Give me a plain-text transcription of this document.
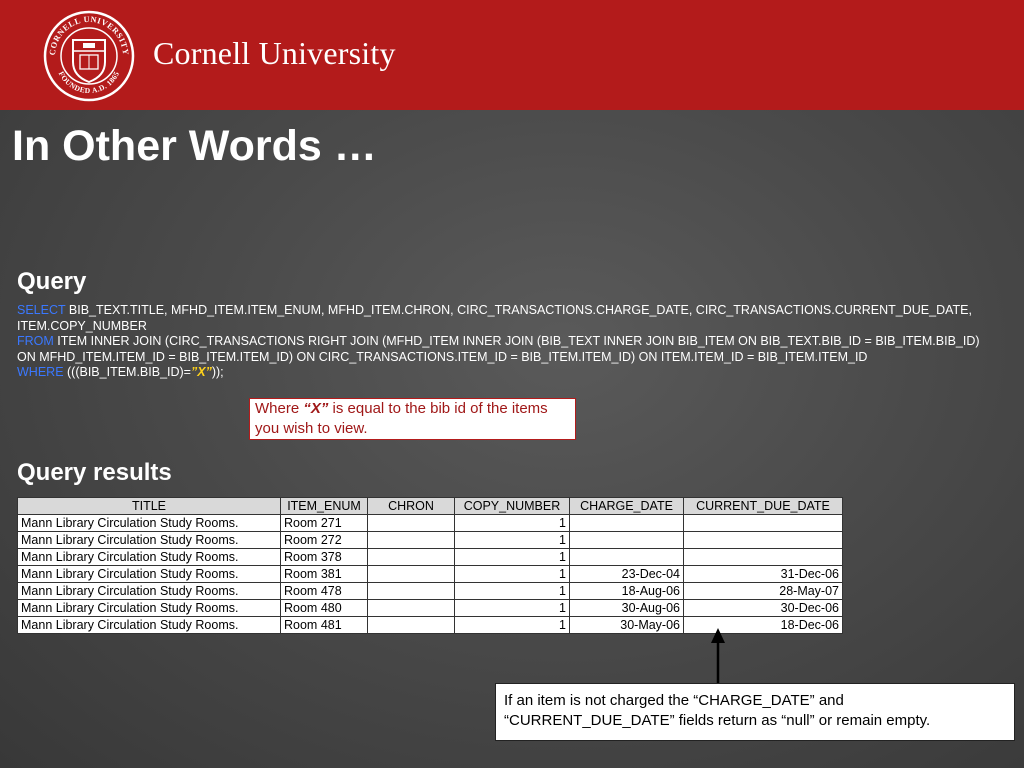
CORNELL UNIVERSITY
FOUNDED A.D. 1865
Cornell University
In Other Words …
Query
SELECT BIB_TEXT.TITLE, MFHD_ITEM.ITEM_ENUM, MFHD_ITEM.CHRON, CIRC_TRANSACTIONS.CHARGE_DATE, CIRC_TRANSACTIONS.CURRENT_DUE_DATE, ITEM.COPY_NUMBER
FROM ITEM INNER JOIN (CIRC_TRANSACTIONS RIGHT JOIN (MFHD_ITEM INNER JOIN (BIB_TEXT INNER JOIN BIB_ITEM ON BIB_TEXT.BIB_ID = BIB_ITEM.BIB_ID) ON MFHD_ITEM.ITEM_ID = BIB_ITEM.ITEM_ID) ON CIRC_TRANSACTIONS.ITEM_ID = BIB_ITEM.ITEM_ID) ON ITEM.ITEM_ID = BIB_ITEM.ITEM_ID
WHERE (((BIB_ITEM.BIB_ID)=”X”));
Where “X” is equal to the bib id of the items you wish to view.
Query results
TITLE	ITEM_ENUM	CHRON	COPY_NUMBER	CHARGE_DATE	CURRENT_DUE_DATE
Mann Library Circulation Study Rooms.	Room 271		1		
Mann Library Circulation Study Rooms.	Room 272		1		
Mann Library Circulation Study Rooms.	Room 378		1		
Mann Library Circulation Study Rooms.	Room 381		1	23-Dec-04	31-Dec-06
Mann Library Circulation Study Rooms.	Room 478		1	18-Aug-06	28-May-07
Mann Library Circulation Study Rooms.	Room 480		1	30-Aug-06	30-Dec-06
Mann Library Circulation Study Rooms.	Room 481		1	30-May-06	18-Dec-06
If an item is not charged the “CHARGE_DATE” and “CURRENT_DUE_DATE” fields return as “null” or remain empty.
